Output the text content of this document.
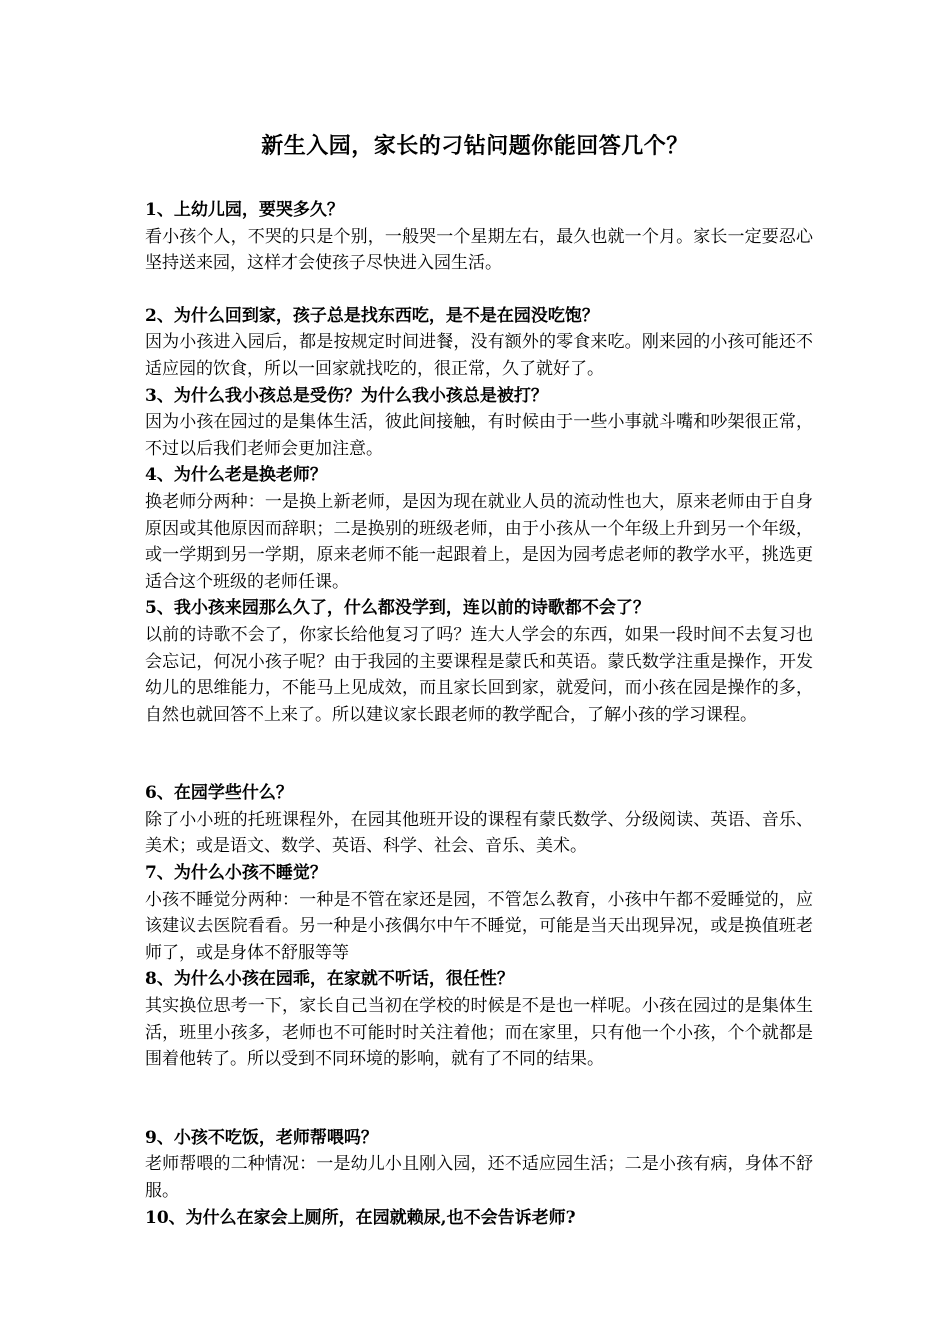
新生入园，家长的刁钻问题你能回答几个？

1、上幼儿园，要哭多久？

看小孩个人，不哭的只是个别，一般哭一个星期左右，最久也就一个月。家长一定要忍心坚持送来园，这样才会使孩子尽快进入园生活。

2、为什么回到家，孩子总是找东西吃，是不是在园没吃饱？

因为小孩进入园后，都是按规定时间进餐，没有额外的零食来吃。刚来园的小孩可能还不适应园的饮食，所以一回家就找吃的，很正常，久了就好了。

3、为什么我小孩总是受伤？为什么我小孩总是被打？

因为小孩在园过的是集体生活，彼此间接触，有时候由于一些小事就斗嘴和吵架很正常，不过以后我们老师会更加注意。

4、为什么老是换老师？

换老师分两种：一是换上新老师，是因为现在就业人员的流动性也大，原来老师由于自身原因或其他原因而辞职；二是换别的班级老师，由于小孩从一个年级上升到另一个年级，或一学期到另一学期，原来老师不能一起跟着上，是因为园考虑老师的教学水平，挑选更适合这个班级的老师任课。

5、我小孩来园那么久了，什么都没学到，连以前的诗歌都不会了？

以前的诗歌不会了，你家长给他复习了吗？连大人学会的东西，如果一段时间不去复习也会忘记，何况小孩子呢？由于我园的主要课程是蒙氏和英语。蒙氏数学注重是操作，开发幼儿的思维能力，不能马上见成效，而且家长回到家，就爱问，而小孩在园是操作的多，自然也就回答不上来了。所以建议家长跟老师的教学配合，了解小孩的学习课程。

6、在园学些什么？

除了小小班的托班课程外，在园其他班开设的课程有蒙氏数学、分级阅读、英语、音乐、美术；或是语文、数学、英语、科学、社会、音乐、美术。

7、为什么小孩不睡觉？

小孩不睡觉分两种：一种是不管在家还是园，不管怎么教育，小孩中午都不爱睡觉的，应该建议去医院看看。另一种是小孩偶尔中午不睡觉，可能是当天出现异况，或是换值班老师了，或是身体不舒服等等

8、为什么小孩在园乖，在家就不听话，很任性？

其实换位思考一下，家长自己当初在学校的时候是不是也一样呢。小孩在园过的是集体生活，班里小孩多，老师也不可能时时关注着他；而在家里，只有他一个小孩，个个就都是围着他转了。所以受到不同环境的影响，就有了不同的结果。

9、小孩不吃饭，老师帮喂吗？

老师帮喂的二种情况：一是幼儿小且刚入园，还不适应园生活；二是小孩有病，身体不舒服。

10、为什么在家会上厕所，在园就赖尿,也不会告诉老师?
